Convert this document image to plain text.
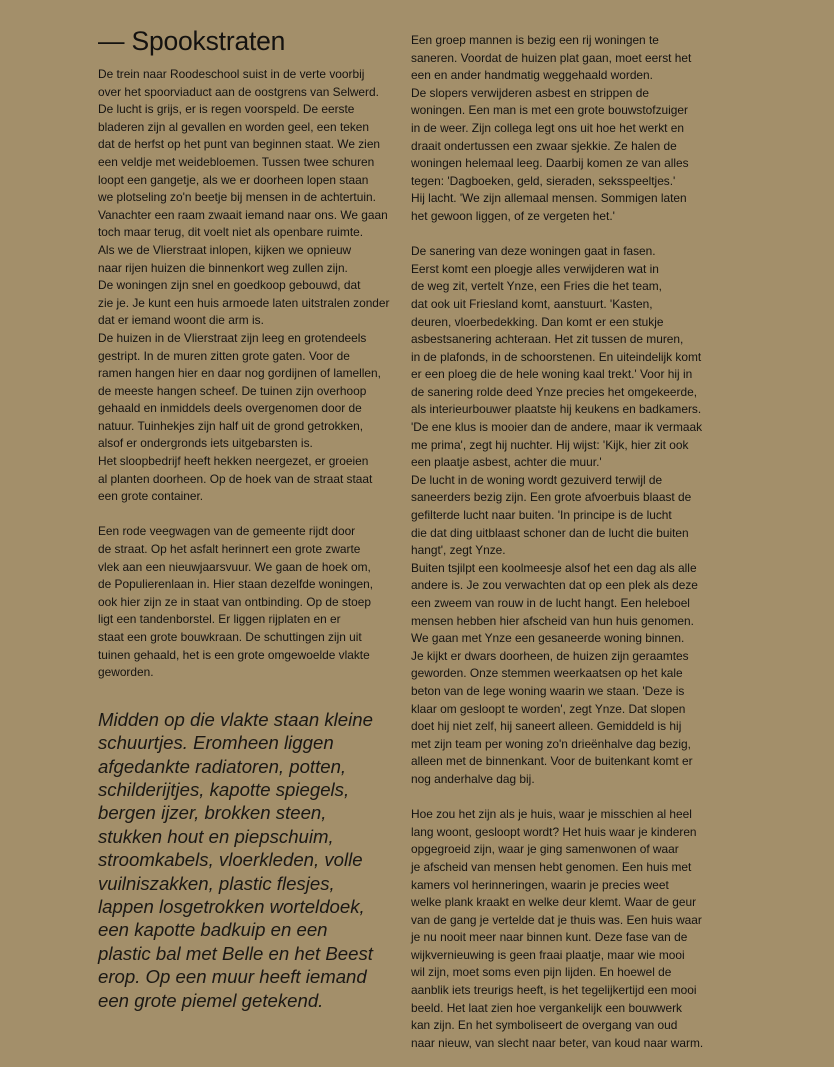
— Spookstraten
De trein naar Roodeschool suist in de verte voorbij
over het spoorviaduct aan de oostgrens van Selwerd.
De lucht is grijs, er is regen voorspeld. De eerste
bladeren zijn al gevallen en worden geel, een teken
dat de herfst op het punt van beginnen staat. We zien
een veldje met weidebloemen. Tussen twee schuren
loopt een gangetje, als we er doorheen lopen staan
we plotseling zo'n beetje bij mensen in de achtertuin.
Vanachter een raam zwaait iemand naar ons. We gaan
toch maar terug, dit voelt niet als openbare ruimte.
Als we de Vlierstraat inlopen, kijken we opnieuw
naar rijen huizen die binnenkort weg zullen zijn.
De woningen zijn snel en goedkoop gebouwd, dat
zie je. Je kunt een huis armoede laten uitstralen zonder
dat er iemand woont die arm is.
De huizen in de Vlierstraat zijn leeg en grotendeels
gestript. In de muren zitten grote gaten. Voor de
ramen hangen hier en daar nog gordijnen of lamellen,
de meeste hangen scheef. De tuinen zijn overhoop
gehaald en inmiddels deels overgenomen door de
natuur. Tuinhekjes zijn half uit de grond getrokken,
alsof er ondergronds iets uitgebarsten is.
Het sloopbedrijf heeft hekken neergezet, er groeien
al planten doorheen. Op de hoek van de straat staat
een grote container.
Een rode veegwagen van de gemeente rijdt door
de straat. Op het asfalt herinnert een grote zwarte
vlek aan een nieuwjaarsvuur. We gaan de hoek om,
de Populierenlaan in. Hier staan dezelfde woningen,
ook hier zijn ze in staat van ontbinding. Op de stoep
ligt een tandenborstel. Er liggen rijplaten en er
staat een grote bouwkraan. De schuttingen zijn uit
tuinen gehaald, het is een grote omgewoelde vlakte
geworden.
Midden op die vlakte staan kleine
schuurtjes. Eromheen liggen
afgedankte radiatoren, potten,
schilderijtjes, kapotte spiegels,
bergen ijzer, brokken steen,
stukken hout en piepschuim,
stroomkabels, vloerkleden, volle
vuilniszakken, plastic flesjes,
lappen losgetrokken worteldoek,
een kapotte badkuip en een
plastic bal met Belle en het Beest
erop. Op een muur heeft iemand
een grote piemel getekend.
Een groep mannen is bezig een rij woningen te
saneren. Voordat de huizen plat gaan, moet eerst het
een en ander handmatig weggehaald worden.
De slopers verwijderen asbest en strippen de
woningen. Een man is met een grote bouwstofzuiger
in de weer. Zijn collega legt ons uit hoe het werkt en
draait ondertussen een zwaar sjekkie. Ze halen de
woningen helemaal leeg. Daarbij komen ze van alles
tegen: 'Dagboeken, geld, sieraden, seksspeeltjes.'
Hij lacht. 'We zijn allemaal mensen. Sommigen laten
het gewoon liggen, of ze vergeten het.'
De sanering van deze woningen gaat in fasen.
Eerst komt een ploegje alles verwijderen wat in
de weg zit, vertelt Ynze, een Fries die het team,
dat ook uit Friesland komt, aanstuurt. 'Kasten,
deuren, vloerbedekking. Dan komt er een stukje
asbestsanering achteraan. Het zit tussen de muren,
in de plafonds, in de schoorstenen. En uiteindelijk komt
er een ploeg die de hele woning kaal trekt.' Voor hij in
de sanering rolde deed Ynze precies het omgekeerde,
als interieurbouwer plaatste hij keukens en badkamers.
'De ene klus is mooier dan de andere, maar ik vermaak
me prima', zegt hij nuchter. Hij wijst: 'Kijk, hier zit ook
een plaatje asbest, achter die muur.'
De lucht in de woning wordt gezuiverd terwijl de
saneerders bezig zijn. Een grote afvoerbuis blaast de
gefilterde lucht naar buiten. 'In principe is de lucht
die dat ding uitblaast schoner dan de lucht die buiten
hangt', zegt Ynze.
Buiten tsjilpt een koolmeesje alsof het een dag als alle
andere is. Je zou verwachten dat op een plek als deze
een zweem van rouw in de lucht hangt. Een heleboel
mensen hebben hier afscheid van hun huis genomen.
We gaan met Ynze een gesaneerde woning binnen.
Je kijkt er dwars doorheen, de huizen zijn geraamtes
geworden. Onze stemmen weerkaatsen op het kale
beton van de lege woning waarin we staan. 'Deze is
klaar om gesloopt te worden', zegt Ynze. Dat slopen
doet hij niet zelf, hij saneert alleen. Gemiddeld is hij
met zijn team per woning zo'n drieënhalve dag bezig,
alleen met de binnenkant. Voor de buitenkant komt er
nog anderhalve dag bij.
Hoe zou het zijn als je huis, waar je misschien al heel
lang woont, gesloopt wordt? Het huis waar je kinderen
opgegroeid zijn, waar je ging samenwonen of waar
je afscheid van mensen hebt genomen. Een huis met
kamers vol herinneringen, waarin je precies weet
welke plank kraakt en welke deur klemt. Waar de geur
van de gang je vertelde dat je thuis was. Een huis waar
je nu nooit meer naar binnen kunt. Deze fase van de
wijkvernieuwing is geen fraai plaatje, maar wie mooi
wil zijn, moet soms even pijn lijden. En hoewel de
aanblik iets treurigs heeft, is het tegelijkertijd een mooi
beeld. Het laat zien hoe vergankelijk een bouwwerk
kan zijn. En het symboliseert de overgang van oud
naar nieuw, van slecht naar beter, van koud naar warm.
